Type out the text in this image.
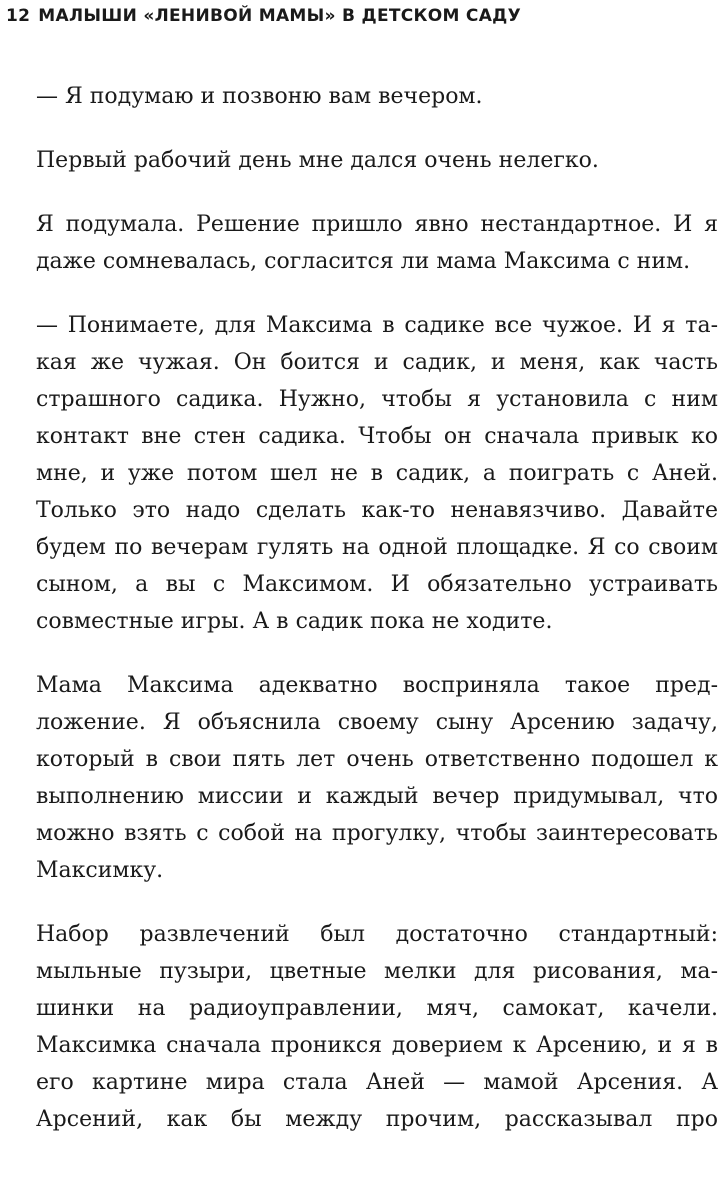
12 МАЛЫШИ «ЛЕНИВОЙ МАМЫ» В ДЕТСКОМ САДУ

— Я подумаю и позвоню вам вечером.

Первый рабочий день мне дался очень нелегко.

Я подумала. Решение пришло явно нестандартное. И я даже сомневалась, согласится ли мама Максима с ним.

— Понимаете, для Максима в садике все чужое. И я такая же чужая. Он боится и садик, и меня, как часть страшного садика. Нужно, чтобы я установила с ним контакт вне стен садика. Чтобы он сначала привык ко мне, и уже потом шел не в садик, а поиграть с Аней. Только это надо сделать как-то ненавязчиво. Давайте будем по вечерам гулять на одной площадке. Я со своим сыном, а вы с Максимом. И обязательно устраивать совместные игры. А в садик пока не ходите.

Мама Максима адекватно восприняла такое предложение. Я объяснила своему сыну Арсению задачу, который в свои пять лет очень ответственно подошел к выполнению миссии и каждый вечер придумывал, что можно взять с собой на прогулку, чтобы заинтересовать Максимку.

Набор развлечений был достаточно стандартный: мыльные пузыри, цветные мелки для рисования, машинки на радиоуправлении, мяч, самокат, качели. Максимка сначала проникся доверием к Арсению, и я в его картине мира стала Аней — мамой Арсения. А Арсений, как бы между прочим, рассказывал про
